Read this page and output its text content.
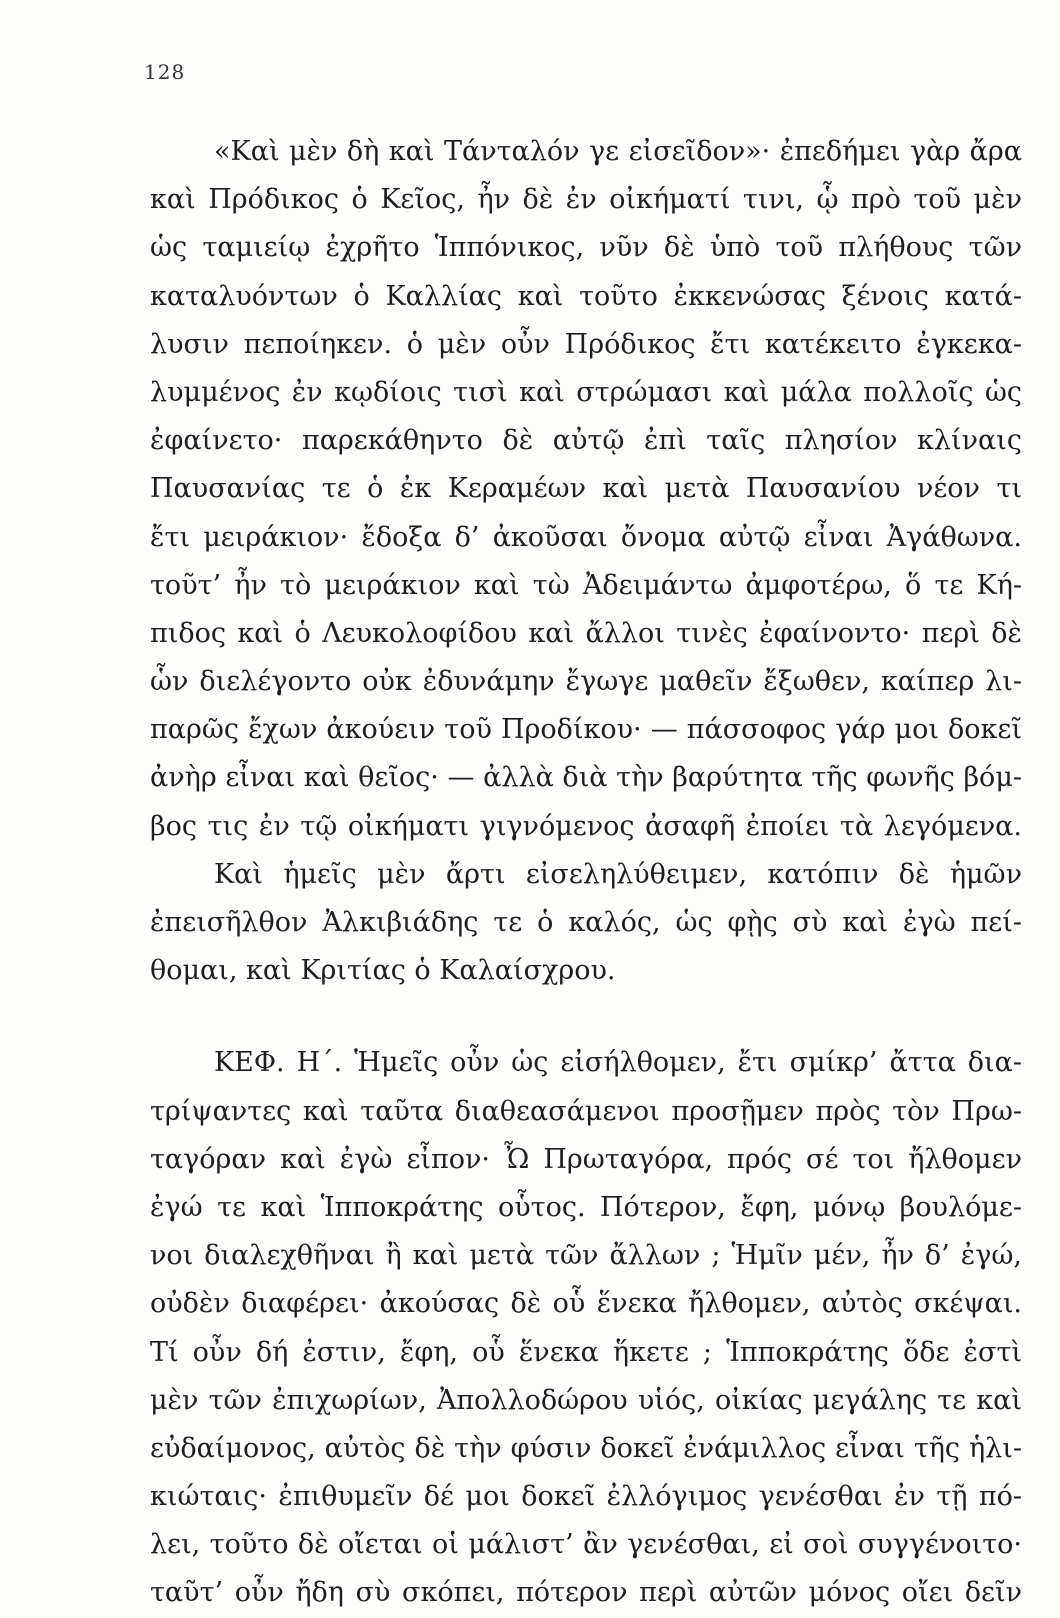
128
«Καὶ μὲν δὴ καὶ Τάνταλόν γε εἰσεῖδον»· ἐπεδήμει γὰρ ἄρα
καὶ Πρόδικος ὁ Κεῖος, ἦν δὲ ἐν οἰκήματί τινι, ᾧ πρὸ τοῦ μὲν
ὡς ταμιείῳ ἐχρῆτο Ἱππόνικος, νῦν δὲ ὑπὸ τοῦ πλήθους τῶν
καταλυόντων ὁ Καλλίας καὶ τοῦτο ἐκκενώσας ξένοις κατά-
λυσιν πεποίηκεν. ὁ μὲν οὖν Πρόδικος ἔτι κατέκειτο ἐγκεκα-
λυμμένος ἐν κῳδίοις τισὶ καὶ στρώμασι καὶ μάλα πολλοῖς ὡς
ἐφαίνετο· παρεκάθηντο δὲ αὐτῷ ἐπὶ ταῖς πλησίον κλίναις
Παυσανίας τε ὁ ἐκ Κεραμέων καὶ μετὰ Παυσανίου νέον τι
ἔτι μειράκιον· ἔδοξα δ’ ἀκοῦσαι ὄνομα αὐτῷ εἶναι Ἀγάθωνα.
τοῦτ’ ἦν τὸ μειράκιον καὶ τὼ Ἀδειμάντω ἀμφοτέρω, ὅ τε Κή-
πιδος καὶ ὁ Λευκολοφίδου καὶ ἄλλοι τινὲς ἐφαίνοντο· περὶ δὲ
ὧν διελέγοντο οὐκ ἐδυνάμην ἔγωγε μαθεῖν ἔξωθεν, καίπερ λι-
παρῶς ἔχων ἀκούειν τοῦ Προδίκου· — πάσσοφος γάρ μοι δοκεῖ
ἀνὴρ εἶναι καὶ θεῖος· — ἀλλὰ διὰ τὴν βαρύτητα τῆς φωνῆς βόμ-
βος τις ἐν τῷ οἰκήματι γιγνόμενος ἀσαφῆ ἐποίει τὰ λεγόμενα.
Καὶ ἡμεῖς μὲν ἄρτι εἰσεληλύθειμεν, κατόπιν δὲ ἡμῶν
ἐπεισῆλθον Ἀλκιβιάδης τε ὁ καλός, ὡς φῂς σὺ καὶ ἐγὼ πεί-
θομαι, καὶ Κριτίας ὁ Καλαίσχρου.
ΚΕΦ. Η΄. Ἡμεῖς οὖν ὡς εἰσήλθομεν, ἔτι σμίκρ’ ἄττα δια-
τρίψαντες καὶ ταῦτα διαθεασάμενοι προσῇμεν πρὸς τὸν Πρω-
ταγόραν καὶ ἐγὼ εἶπον· Ὦ Πρωταγόρα, πρός σέ τοι ἤλθομεν
ἐγώ τε καὶ Ἱπποκράτης οὗτος. Πότερον, ἔφη, μόνῳ βουλόμε-
νοι διαλεχθῆναι ἢ καὶ μετὰ τῶν ἄλλων ; Ἡμῖν μέν, ἦν δ’ ἐγώ,
οὐδὲν διαφέρει· ἀκούσας δὲ οὗ ἕνεκα ἤλθομεν, αὐτὸς σκέψαι.
Τί οὖν δή ἐστιν, ἔφη, οὗ ἕνεκα ἥκετε ; Ἱπποκράτης ὅδε ἐστὶ
μὲν τῶν ἐπιχωρίων, Ἀπολλοδώρου υἱός, οἰκίας μεγάλης τε καὶ
εὐδαίμονος, αὐτὸς δὲ τὴν φύσιν δοκεῖ ἐνάμιλλος εἶναι τῆς ἡλι-
κιώταις· ἐπιθυμεῖν δέ μοι δοκεῖ ἐλλόγιμος γενέσθαι ἐν τῇ πό-
λει, τοῦτο δὲ οἴεται οἱ μάλιστ’ ἂν γενέσθαι, εἰ σοὶ συγγένοιτο·
ταῦτ’ οὖν ἤδη σὺ σκόπει, πότερον περὶ αὐτῶν μόνος οἴει δεῖν
